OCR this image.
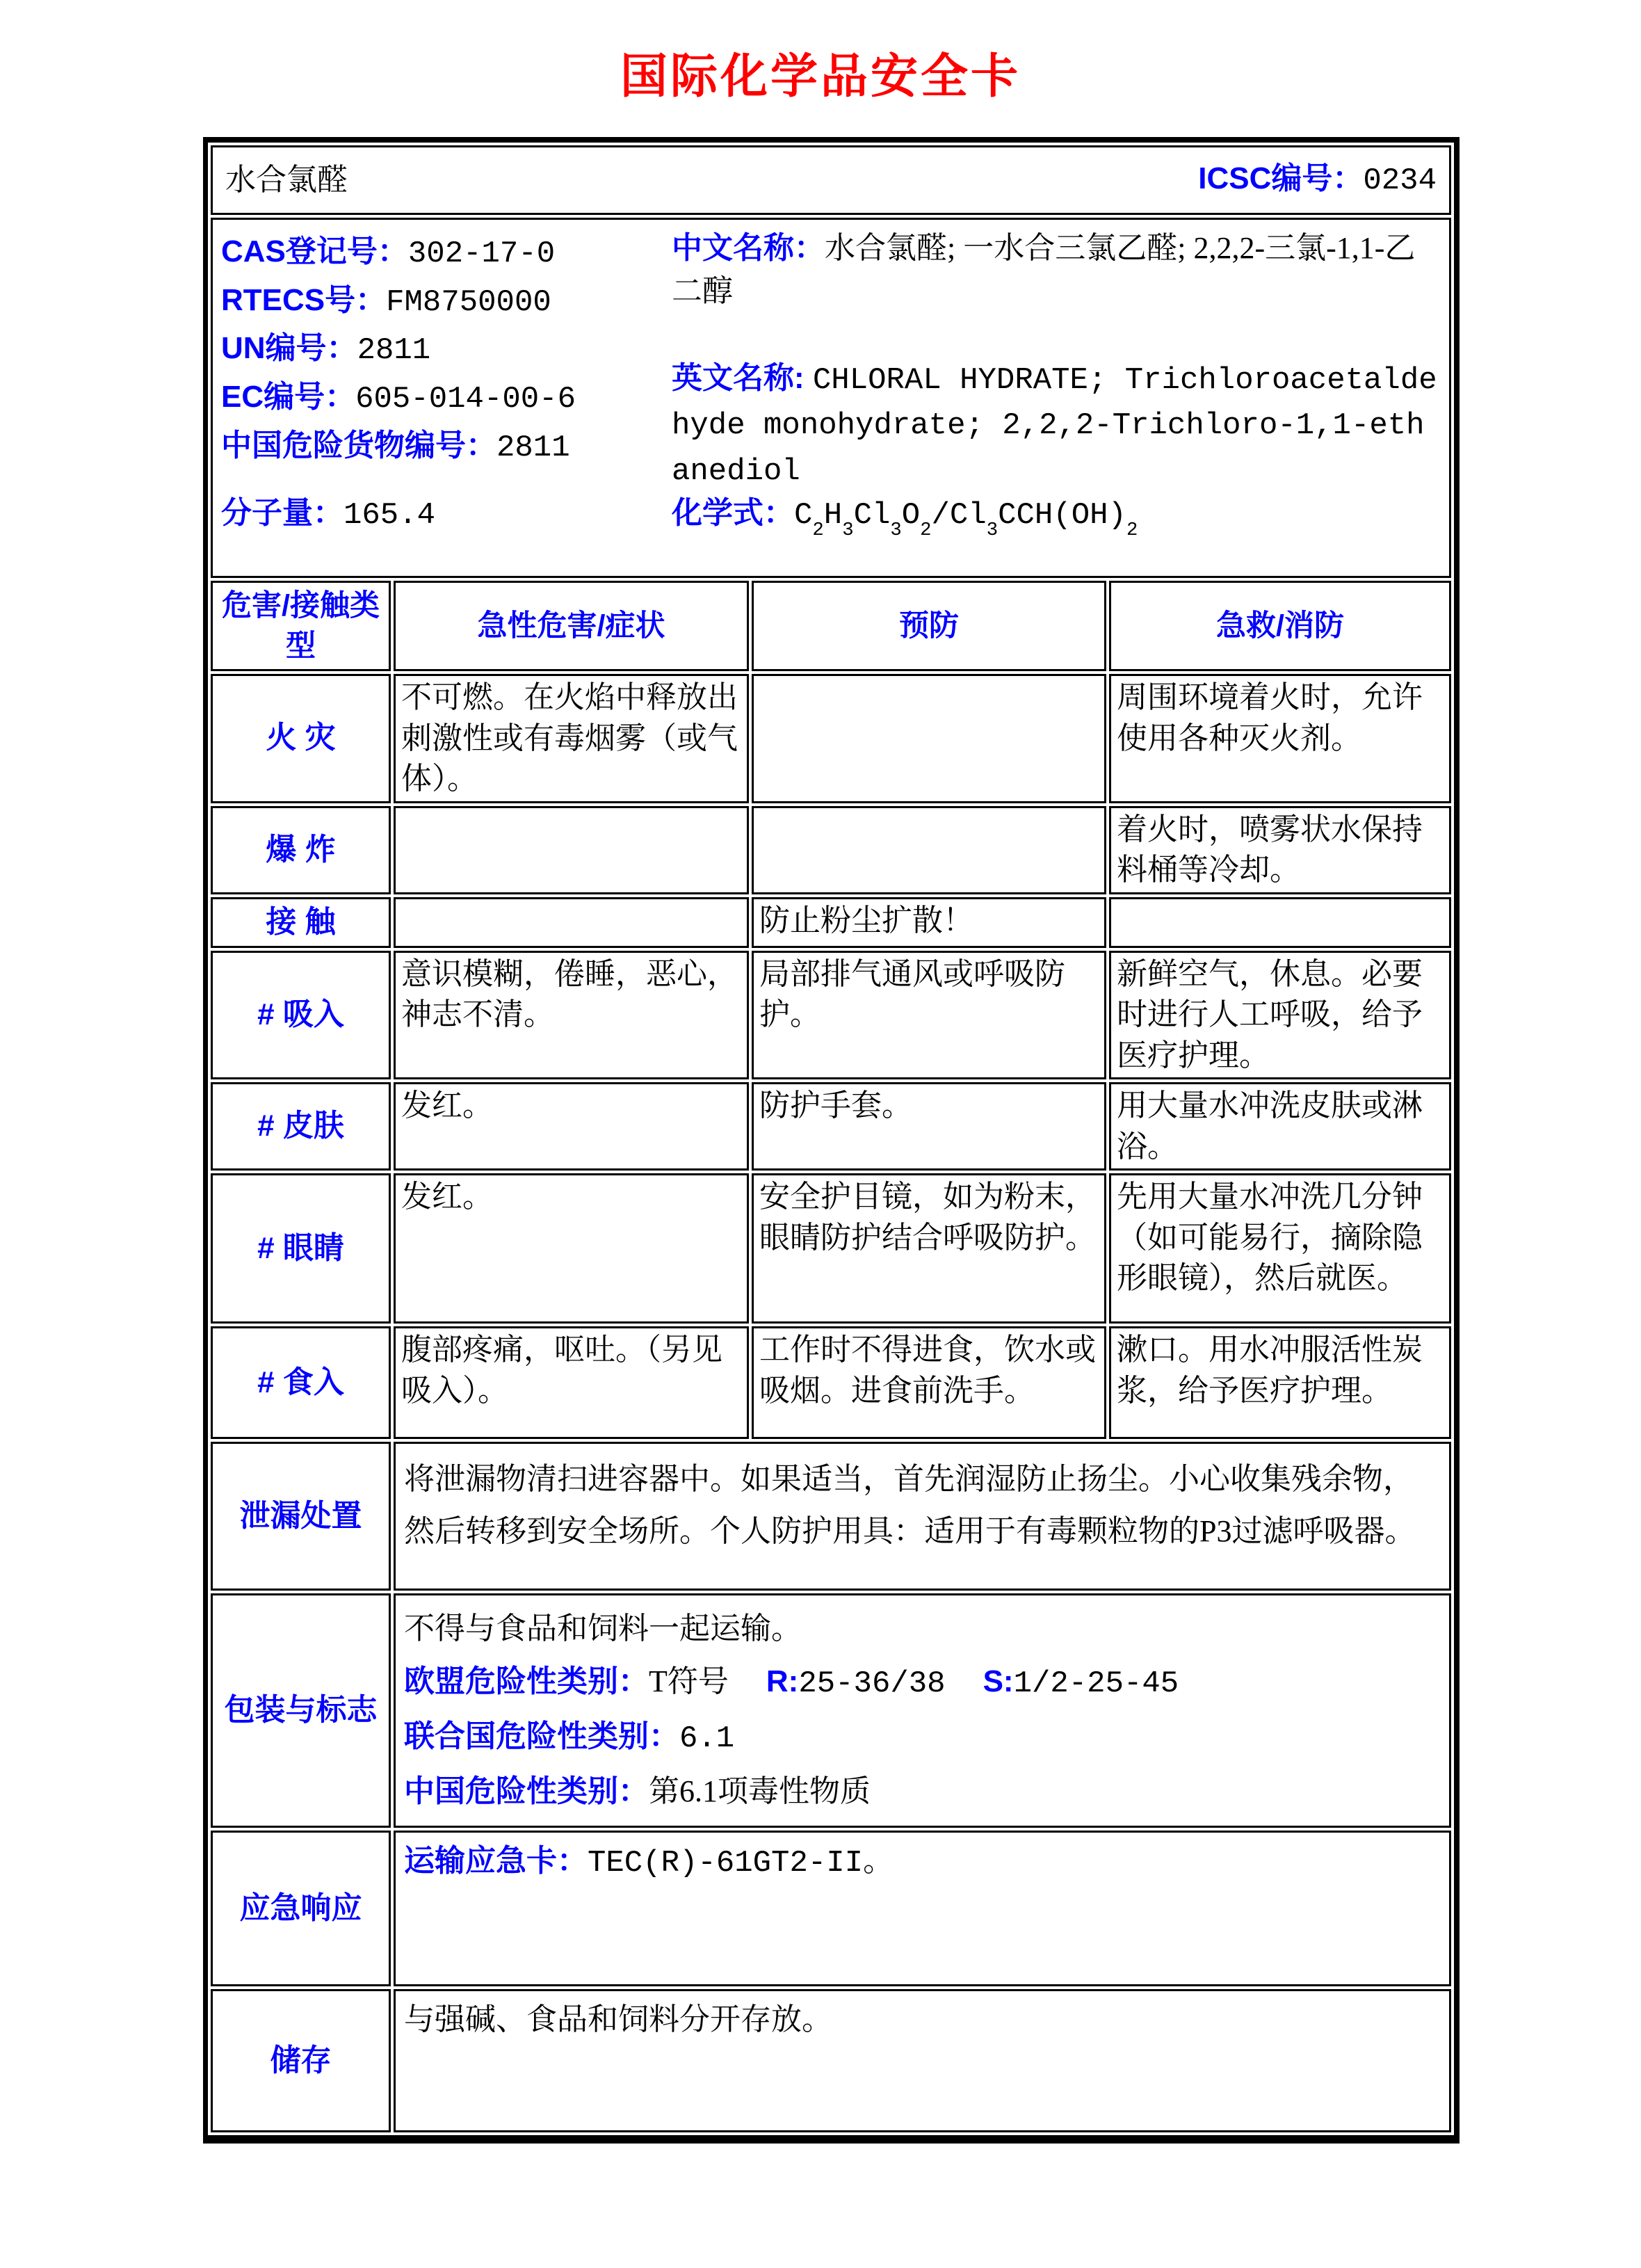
国际化学品安全卡
水合氯醛 ICSC编号：0234			

CAS登记号：302-17-0
RTECS号：FM8750000
UN编号：2811
EC编号：605-014-00-6
中国危险货物编号：2811

中文名称：水合氯醛; 一水合三氯乙醛; 2,2,2-三氯-1,1-乙二醇

英文名称: CHLORAL HYDRATE; Trichloroacetaldehyde monohydrate; 2,2,2-Trichloro-1,1-ethanediol

分子量：165.4	化学式：$C_2H_3Cl_3O_2/Cl_3CCH(OH)_2$

危害/接触类型	急性危害/症状	预防	急救/消防
火 灾	不可燃。在火焰中释放出刺激性或有毒烟雾（或气体）。		周围环境着火时，允许使用各种灭火剂。
爆 炸			着火时，喷雾状水保持料桶等冷却。
接 触		防止粉尘扩散！	
# 吸入	意识模糊，倦睡，恶心，神志不清。	局部排气通风或呼吸防护。	新鲜空气，休息。必要时进行人工呼吸，给予医疗护理。
# 皮肤	发红。	防护手套。	用大量水冲洗皮肤或淋浴。
# 眼睛	发红。	安全护目镜，如为粉末，眼睛防护结合呼吸防护。	先用大量水冲洗几分钟（如可能易行，摘除隐形眼镜），然后就医。
# 食入	腹部疼痛，呕吐。（另见吸入）。	工作时不得进食，饮水或吸烟。进食前洗手。	漱口。用水冲服活性炭浆，给予医疗护理。
泄漏处置	将泄漏物清扫进容器中。如果适当，首先润湿防止扬尘。小心收集残余物，然后转移到安全场所。个人防护用具：适用于有毒颗粒物的P3过滤呼吸器。		

包装与标志	不得与食品和饲料一起运输。

欧盟危险性类别：T符号 R:25-36/38 S:1/2-25-45

联合国危险性类别：6.1

中国危险性类别：第6.1项毒性物质		

应急响应	运输应急卡：TEC(R)-61GT2-II。		

储存	与强碱、食品和饲料分开存放。		
